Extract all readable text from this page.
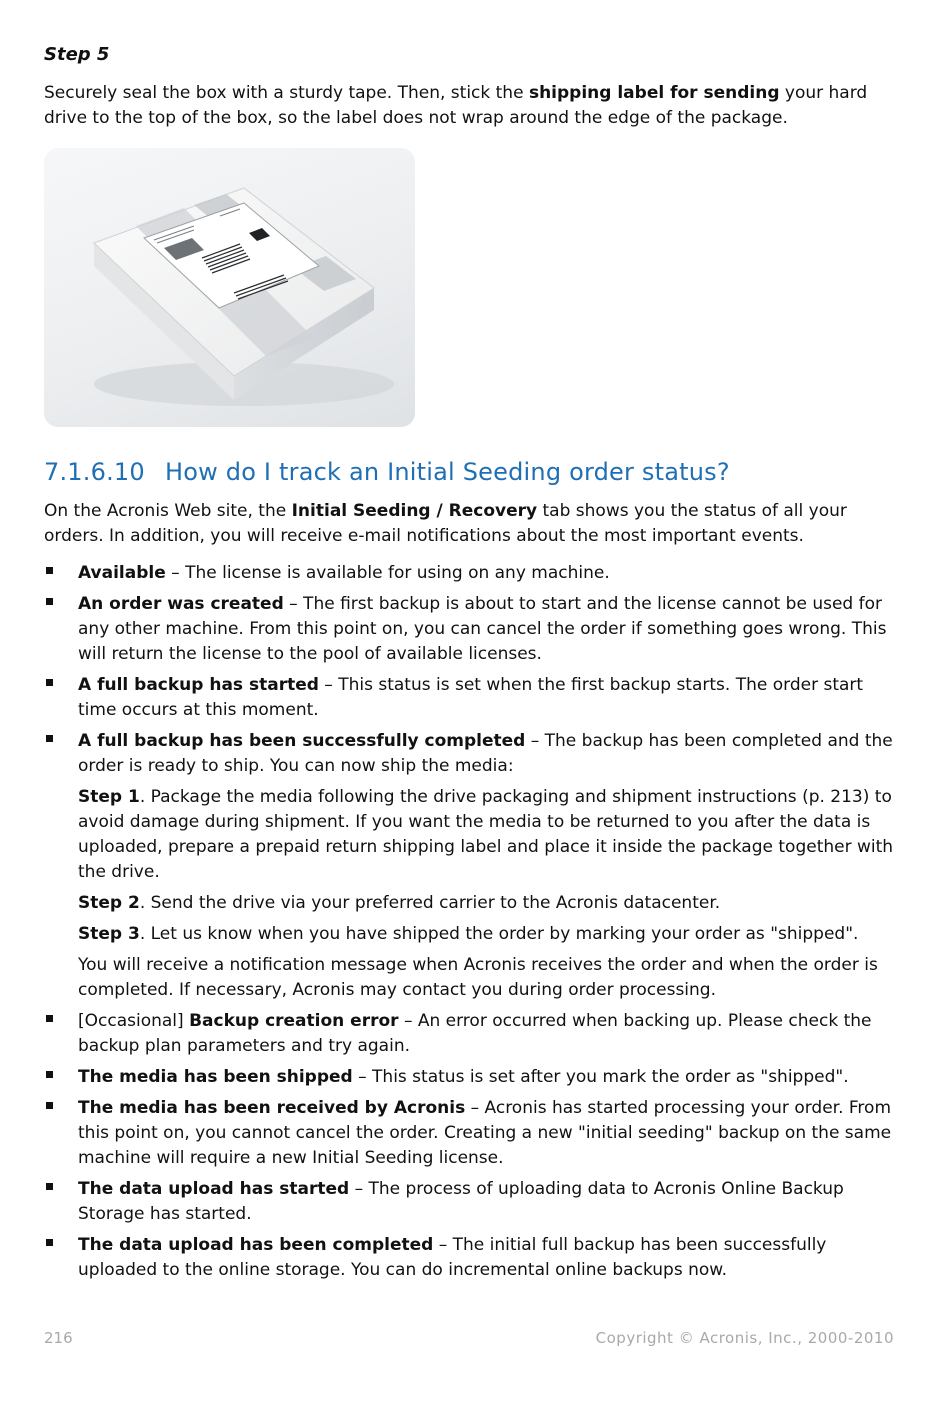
Step 5

Securely seal the box with a sturdy tape. Then, stick the shipping label for sending your hard drive to the top of the box, so the label does not wrap around the edge of the package.

7.1.6.10 How do I track an Initial Seeding order status?

On the Acronis Web site, the Initial Seeding / Recovery tab shows you the status of all your orders. In addition, you will receive e-mail notifications about the most important events.

Available – The license is available for using on any machine.
An order was created – The first backup is about to start and the license cannot be used for any other machine. From this point on, you can cancel the order if something goes wrong. This will return the license to the pool of available licenses.
A full backup has started – This status is set when the first backup starts. The order start time occurs at this moment.
A full backup has been successfully completed – The backup has been completed and the order is ready to ship. You can now ship the media:
Step 1. Package the media following the drive packaging and shipment instructions (p. 213) to avoid damage during shipment. If you want the media to be returned to you after the data is uploaded, prepare a prepaid return shipping label and place it inside the package together with the drive.
Step 2. Send the drive via your preferred carrier to the Acronis datacenter.
Step 3. Let us know when you have shipped the order by marking your order as "shipped".
You will receive a notification message when Acronis receives the order and when the order is completed. If necessary, Acronis may contact you during order processing.
[Occasional] Backup creation error – An error occurred when backing up. Please check the backup plan parameters and try again.
The media has been shipped – This status is set after you mark the order as "shipped".
The media has been received by Acronis – Acronis has started processing your order. From this point on, you cannot cancel the order. Creating a new "initial seeding" backup on the same machine will require a new Initial Seeding license.
The data upload has started – The process of uploading data to Acronis Online Backup Storage has started.
The data upload has been completed – The initial full backup has been successfully uploaded to the online storage. You can do incremental online backups now.
216	Copyright © Acronis, Inc., 2000-2010
